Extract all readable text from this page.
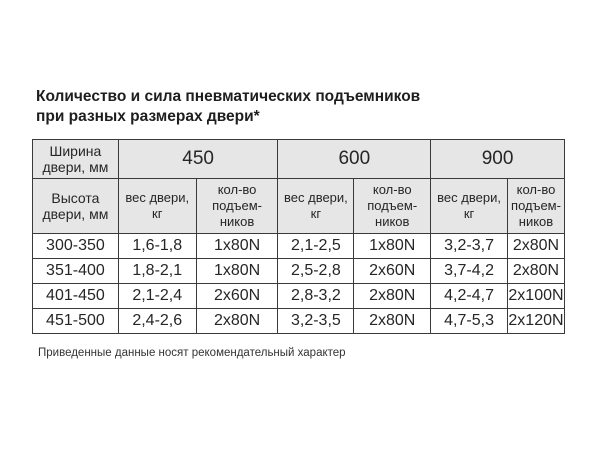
Количество и сила пневматических подъемников
при разных размерах двери*
Ширина двери, мм	450		600		900	
Высота двери, мм	вес двери, кг	кол-во подъем- ников	вес двери, кг	кол-во подъем- ников	вес двери, кг	кол-во подъем- ников
300-350	1,6-1,8	1x80N	2,1-2,5	1x80N	3,2-3,7	2x80N
351-400	1,8-2,1	1x80N	2,5-2,8	2x60N	3,7-4,2	2x80N
401-450	2,1-2,4	2x60N	2,8-3,2	2x80N	4,2-4,7	2x100N
451-500	2,4-2,6	2x80N	3,2-3,5	2x80N	4,7-5,3	2x120N
Приведенные данные носят рекомендательный характер
